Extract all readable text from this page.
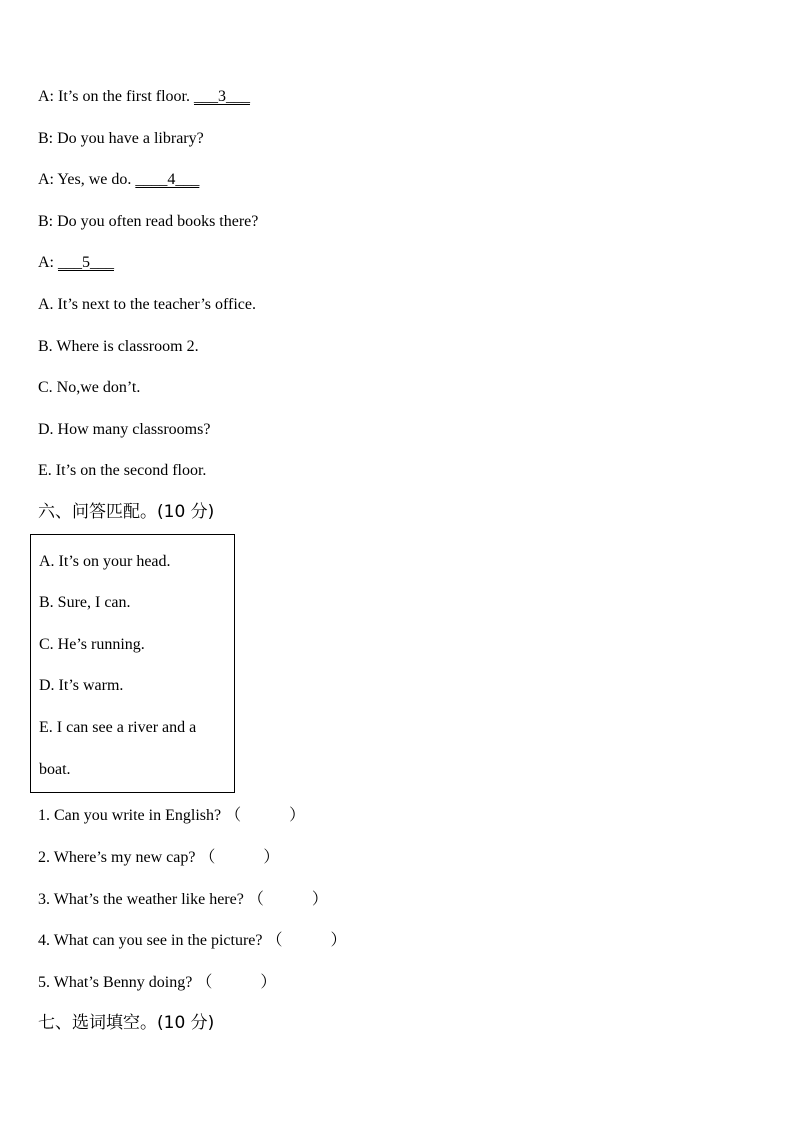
A: It’s on the first floor. ___3___
B: Do you have a library?
A: Yes, we do. ____4___
B: Do you often read books there?
A: ___5___
A. It’s next to the teacher’s office.
B. Where is classroom 2.
C. No,we don’t.
D. How many classrooms?
E. It’s on the second floor.
六、问答匹配。(10 分)
A. It’s on your head.
B. Sure, I can.
C. He’s running.
D. It’s warm.
E. I can see a river and a
boat.
1. Can you write in English? （            ）
2. Where’s my new cap? （            ）
3. What’s the weather like here? （            ）
4. What can you see in the picture? （            ）
5. What’s Benny doing? （            ）
七、选词填空。(10 分)
